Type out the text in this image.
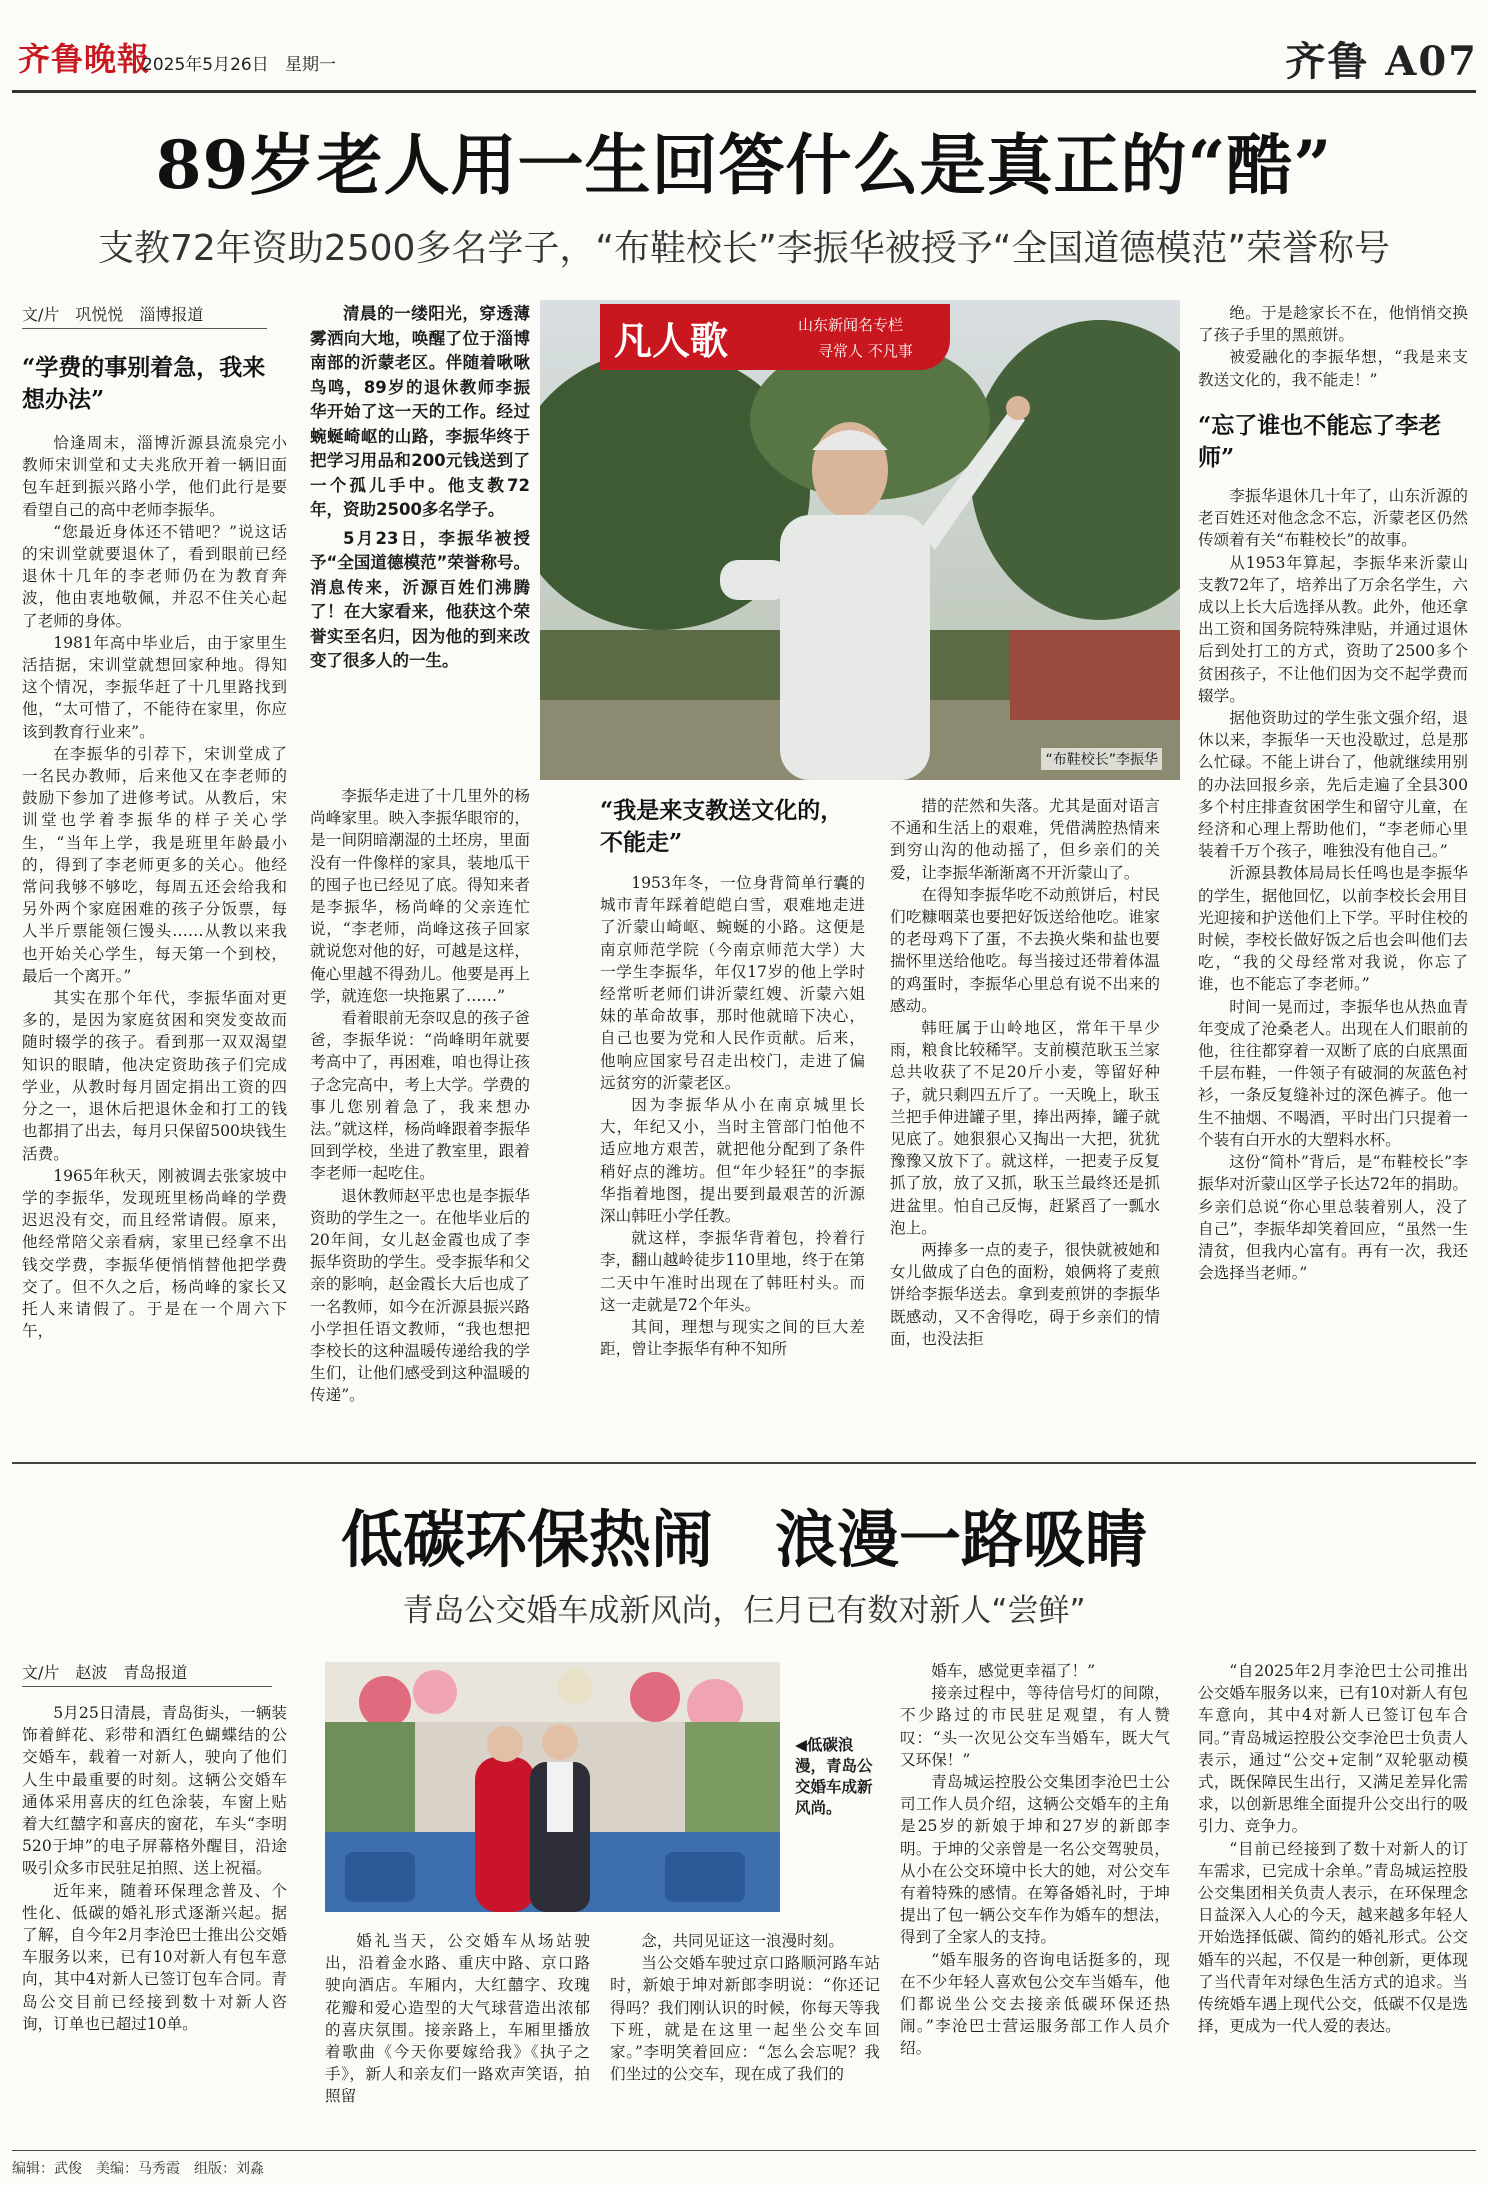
齐鲁晚報
2025年5月26日 星期一	齐鲁 A07
89岁老人用一生回答什么是真正的“酷”
支教72年资助2500多名学子，“布鞋校长”李振华被授予“全国道德模范”荣誉称号
文/片　巩悦悦　淄博报道
“学费的事别着急，我来想办法”

恰逢周末，淄博沂源县流泉完小教师宋训堂和丈夫兆欣开着一辆旧面包车赶到振兴路小学，他们此行是要看望自己的高中老师李振华。

“您最近身体还不错吧？”说这话的宋训堂就要退休了，看到眼前已经退休十几年的李老师仍在为教育奔波，他由衷地敬佩，并忍不住关心起了老师的身体。

1981年高中毕业后，由于家里生活拮据，宋训堂就想回家种地。得知这个情况，李振华赶了十几里路找到他，“太可惜了，不能待在家里，你应该到教育行业来”。

在李振华的引荐下，宋训堂成了一名民办教师，后来他又在李老师的鼓励下参加了进修考试。从教后，宋训堂也学着李振华的样子关心学生，“当年上学，我是班里年龄最小的，得到了李老师更多的关心。他经常问我够不够吃，每周五还会给我和另外两个家庭困难的孩子分饭票，每人半斤票能领仨馒头……从教以来我也开始关心学生，每天第一个到校，最后一个离开。”

其实在那个年代，李振华面对更多的，是因为家庭贫困和突发变故而随时辍学的孩子。看到那一双双渴望知识的眼睛，他决定资助孩子们完成学业，从教时每月固定捐出工资的四分之一，退休后把退休金和打工的钱也都捐了出去，每月只保留500块钱生活费。

1965年秋天，刚被调去张家坡中学的李振华，发现班里杨尚峰的学费迟迟没有交，而且经常请假。原来，他经常陪父亲看病，家里已经拿不出钱交学费，李振华便悄悄替他把学费交了。但不久之后，杨尚峰的家长又托人来请假了。于是在一个周六下午，

清晨的一缕阳光，穿透薄雾洒向大地，唤醒了位于淄博南部的沂蒙老区。伴随着啾啾鸟鸣，89岁的退休教师李振华开始了这一天的工作。经过蜿蜒崎岖的山路，李振华终于把学习用品和200元钱送到了一个孤儿手中。他支教72年，资助2500多名学子。

5月23日，李振华被授予“全国道德模范”荣誉称号。消息传来，沂源百姓们沸腾了！在大家看来，他获这个荣誉实至名归，因为他的到来改变了很多人的一生。

凡人歌	山东新闻名专栏
寻常人 不凡事
“布鞋校长”李振华

李振华走进了十几里外的杨尚峰家里。映入李振华眼帘的，是一间阴暗潮湿的土坯房，里面没有一件像样的家具，装地瓜干的囤子也已经见了底。得知来者是李振华，杨尚峰的父亲连忙说，“李老师，尚峰这孩子回家就说您对他的好，可越是这样，俺心里越不得劲儿。他要是再上学，就连您一块拖累了……”

看着眼前无奈叹息的孩子爸爸，李振华说：“尚峰明年就要考高中了，再困难，咱也得让孩子念完高中，考上大学。学费的事儿您别着急了，我来想办法。”就这样，杨尚峰跟着李振华回到学校，坐进了教室里，跟着李老师一起吃住。

退休教师赵平忠也是李振华资助的学生之一。在他毕业后的20年间，女儿赵金霞也成了李振华资助的学生。受李振华和父亲的影响，赵金霞长大后也成了一名教师，如今在沂源县振兴路小学担任语文教师，“我也想把李校长的这种温暖传递给我的学生们，让他们感受到这种温暖的传递”。

“我是来支教送文化的，不能走”

1953年冬，一位身背简单行囊的城市青年踩着皑皑白雪，艰难地走进了沂蒙山崎岖、蜿蜒的小路。这便是南京师范学院（今南京师范大学）大一学生李振华，年仅17岁的他上学时经常听老师们讲沂蒙红嫂、沂蒙六姐妹的革命故事，那时他就暗下决心，自己也要为党和人民作贡献。后来，他响应国家号召走出校门，走进了偏远贫穷的沂蒙老区。

因为李振华从小在南京城里长大，年纪又小，当时主管部门怕他不适应地方艰苦，就把他分配到了条件稍好点的潍坊。但“年少轻狂”的李振华指着地图，提出要到最艰苦的沂源深山韩旺小学任教。

就这样，李振华背着包，拎着行李，翻山越岭徒步110里地，终于在第二天中午准时出现在了韩旺村头。而这一走就是72个年头。

其间，理想与现实之间的巨大差距，曾让李振华有种不知所

措的茫然和失落。尤其是面对语言不通和生活上的艰难，凭借满腔热情来到穷山沟的他动摇了，但乡亲们的关爱，让李振华渐渐离不开沂蒙山了。

在得知李振华吃不动煎饼后，村民们吃糠咽菜也要把好饭送给他吃。谁家的老母鸡下了蛋，不去换火柴和盐也要揣怀里送给他吃。每当接过还带着体温的鸡蛋时，李振华心里总有说不出来的感动。

韩旺属于山岭地区，常年干旱少雨，粮食比较稀罕。支前模范耿玉兰家总共收获了不足20斤小麦，等留好种子，就只剩四五斤了。一天晚上，耿玉兰把手伸进罐子里，捧出两捧，罐子就见底了。她狠狠心又掏出一大把，犹犹豫豫又放下了。就这样，一把麦子反复抓了放，放了又抓，耿玉兰最终还是抓进盆里。怕自己反悔，赶紧舀了一瓢水泡上。

两捧多一点的麦子，很快就被她和女儿做成了白色的面粉，娘俩将了麦煎饼给李振华送去。拿到麦煎饼的李振华既感动，又不舍得吃，碍于乡亲们的情面，也没法拒

绝。于是趁家长不在，他悄悄交换了孩子手里的黑煎饼。

被爱融化的李振华想，“我是来支教送文化的，我不能走！”

“忘了谁也不能忘了李老师”

李振华退休几十年了，山东沂源的老百姓还对他念念不忘，沂蒙老区仍然传颂着有关“布鞋校长”的故事。

从1953年算起，李振华来沂蒙山支教72年了，培养出了万余名学生，六成以上长大后选择从教。此外，他还拿出工资和国务院特殊津贴，并通过退休后到处打工的方式，资助了2500多个贫困孩子，不让他们因为交不起学费而辍学。

据他资助过的学生张文强介绍，退休以来，李振华一天也没歇过，总是那么忙碌。不能上讲台了，他就继续用别的办法回报乡亲，先后走遍了全县300多个村庄排查贫困学生和留守儿童，在经济和心理上帮助他们，“李老师心里装着千万个孩子，唯独没有他自己。”

沂源县教体局局长任鸣也是李振华的学生，据他回忆，以前李校长会用目光迎接和护送他们上下学。平时住校的时候，李校长做好饭之后也会叫他们去吃，“我的父母经常对我说，你忘了谁，也不能忘了李老师。”

时间一晃而过，李振华也从热血青年变成了沧桑老人。出现在人们眼前的他，往往都穿着一双断了底的白底黑面千层布鞋，一件领子有破洞的灰蓝色衬衫，一条反复缝补过的深色裤子。他一生不抽烟、不喝酒，平时出门只提着一个装有白开水的大塑料水杯。

这份“简朴”背后，是“布鞋校长”李振华对沂蒙山区学子长达72年的捐助。乡亲们总说“你心里总装着别人，没了自己”，李振华却笑着回应，“虽然一生清贫，但我内心富有。再有一次，我还会选择当老师。”

低碳环保热闹　浪漫一路吸睛
青岛公交婚车成新风尚，仨月已有数对新人“尝鲜”
文/片　赵波　青岛报道

5月25日清晨，青岛街头，一辆装饰着鲜花、彩带和酒红色蝴蝶结的公交婚车，载着一对新人，驶向了他们人生中最重要的时刻。这辆公交婚车通体采用喜庆的红色涂装，车窗上贴着大红囍字和喜庆的窗花，车头“李明520于坤”的电子屏幕格外醒目，沿途吸引众多市民驻足拍照、送上祝福。

近年来，随着环保理念普及、个性化、低碳的婚礼形式逐渐兴起。据了解，自今年2月李沧巴士推出公交婚车服务以来，已有10对新人有包车意向，其中4对新人已签订包车合同。青岛公交目前已经接到数十对新人咨询，订单也已超过10单。

◀低碳浪漫，青岛公交婚车成新风尚。

婚礼当天，公交婚车从场站驶出，沿着金水路、重庆中路、京口路驶向酒店。车厢内，大红囍字、玫瑰花瓣和爱心造型的大气球营造出浓郁的喜庆氛围。接亲路上，车厢里播放着歌曲《今天你要嫁给我》《执子之手》，新人和亲友们一路欢声笑语，拍照留

念，共同见证这一浪漫时刻。

当公交婚车驶过京口路顺河路车站时，新娘于坤对新郎李明说：“你还记得吗？我们刚认识的时候，你每天等我下班，就是在这里一起坐公交车回家。”李明笑着回应：“怎么会忘呢？我们坐过的公交车，现在成了我们的

婚车，感觉更幸福了！”

接亲过程中，等待信号灯的间隙，不少路过的市民驻足观望，有人赞叹：“头一次见公交车当婚车，既大气又环保！”

青岛城运控股公交集团李沧巴士公司工作人员介绍，这辆公交婚车的主角是25岁的新娘于坤和27岁的新郎李明。于坤的父亲曾是一名公交驾驶员，从小在公交环境中长大的她，对公交车有着特殊的感情。在筹备婚礼时，于坤提出了包一辆公交车作为婚车的想法，得到了全家人的支持。

“婚车服务的咨询电话挺多的，现在不少年轻人喜欢包公交车当婚车，他们都说坐公交去接亲低碳环保还热闹。”李沧巴士营运服务部工作人员介绍。

“自2025年2月李沧巴士公司推出公交婚车服务以来，已有10对新人有包车意向，其中4对新人已签订包车合同。”青岛城运控股公交李沧巴士负责人表示，通过“公交+定制”双轮驱动模式，既保障民生出行，又满足差异化需求，以创新思维全面提升公交出行的吸引力、竞争力。

“目前已经接到了数十对新人的订车需求，已完成十余单。”青岛城运控股公交集团相关负责人表示，在环保理念日益深入人心的今天，越来越多年轻人开始选择低碳、简约的婚礼形式。公交婚车的兴起，不仅是一种创新，更体现了当代青年对绿色生活方式的追求。当传统婚车遇上现代公交，低碳不仅是选择，更成为一代人爱的表达。

编辑：武俊　美编：马秀霞　组版：刘淼
